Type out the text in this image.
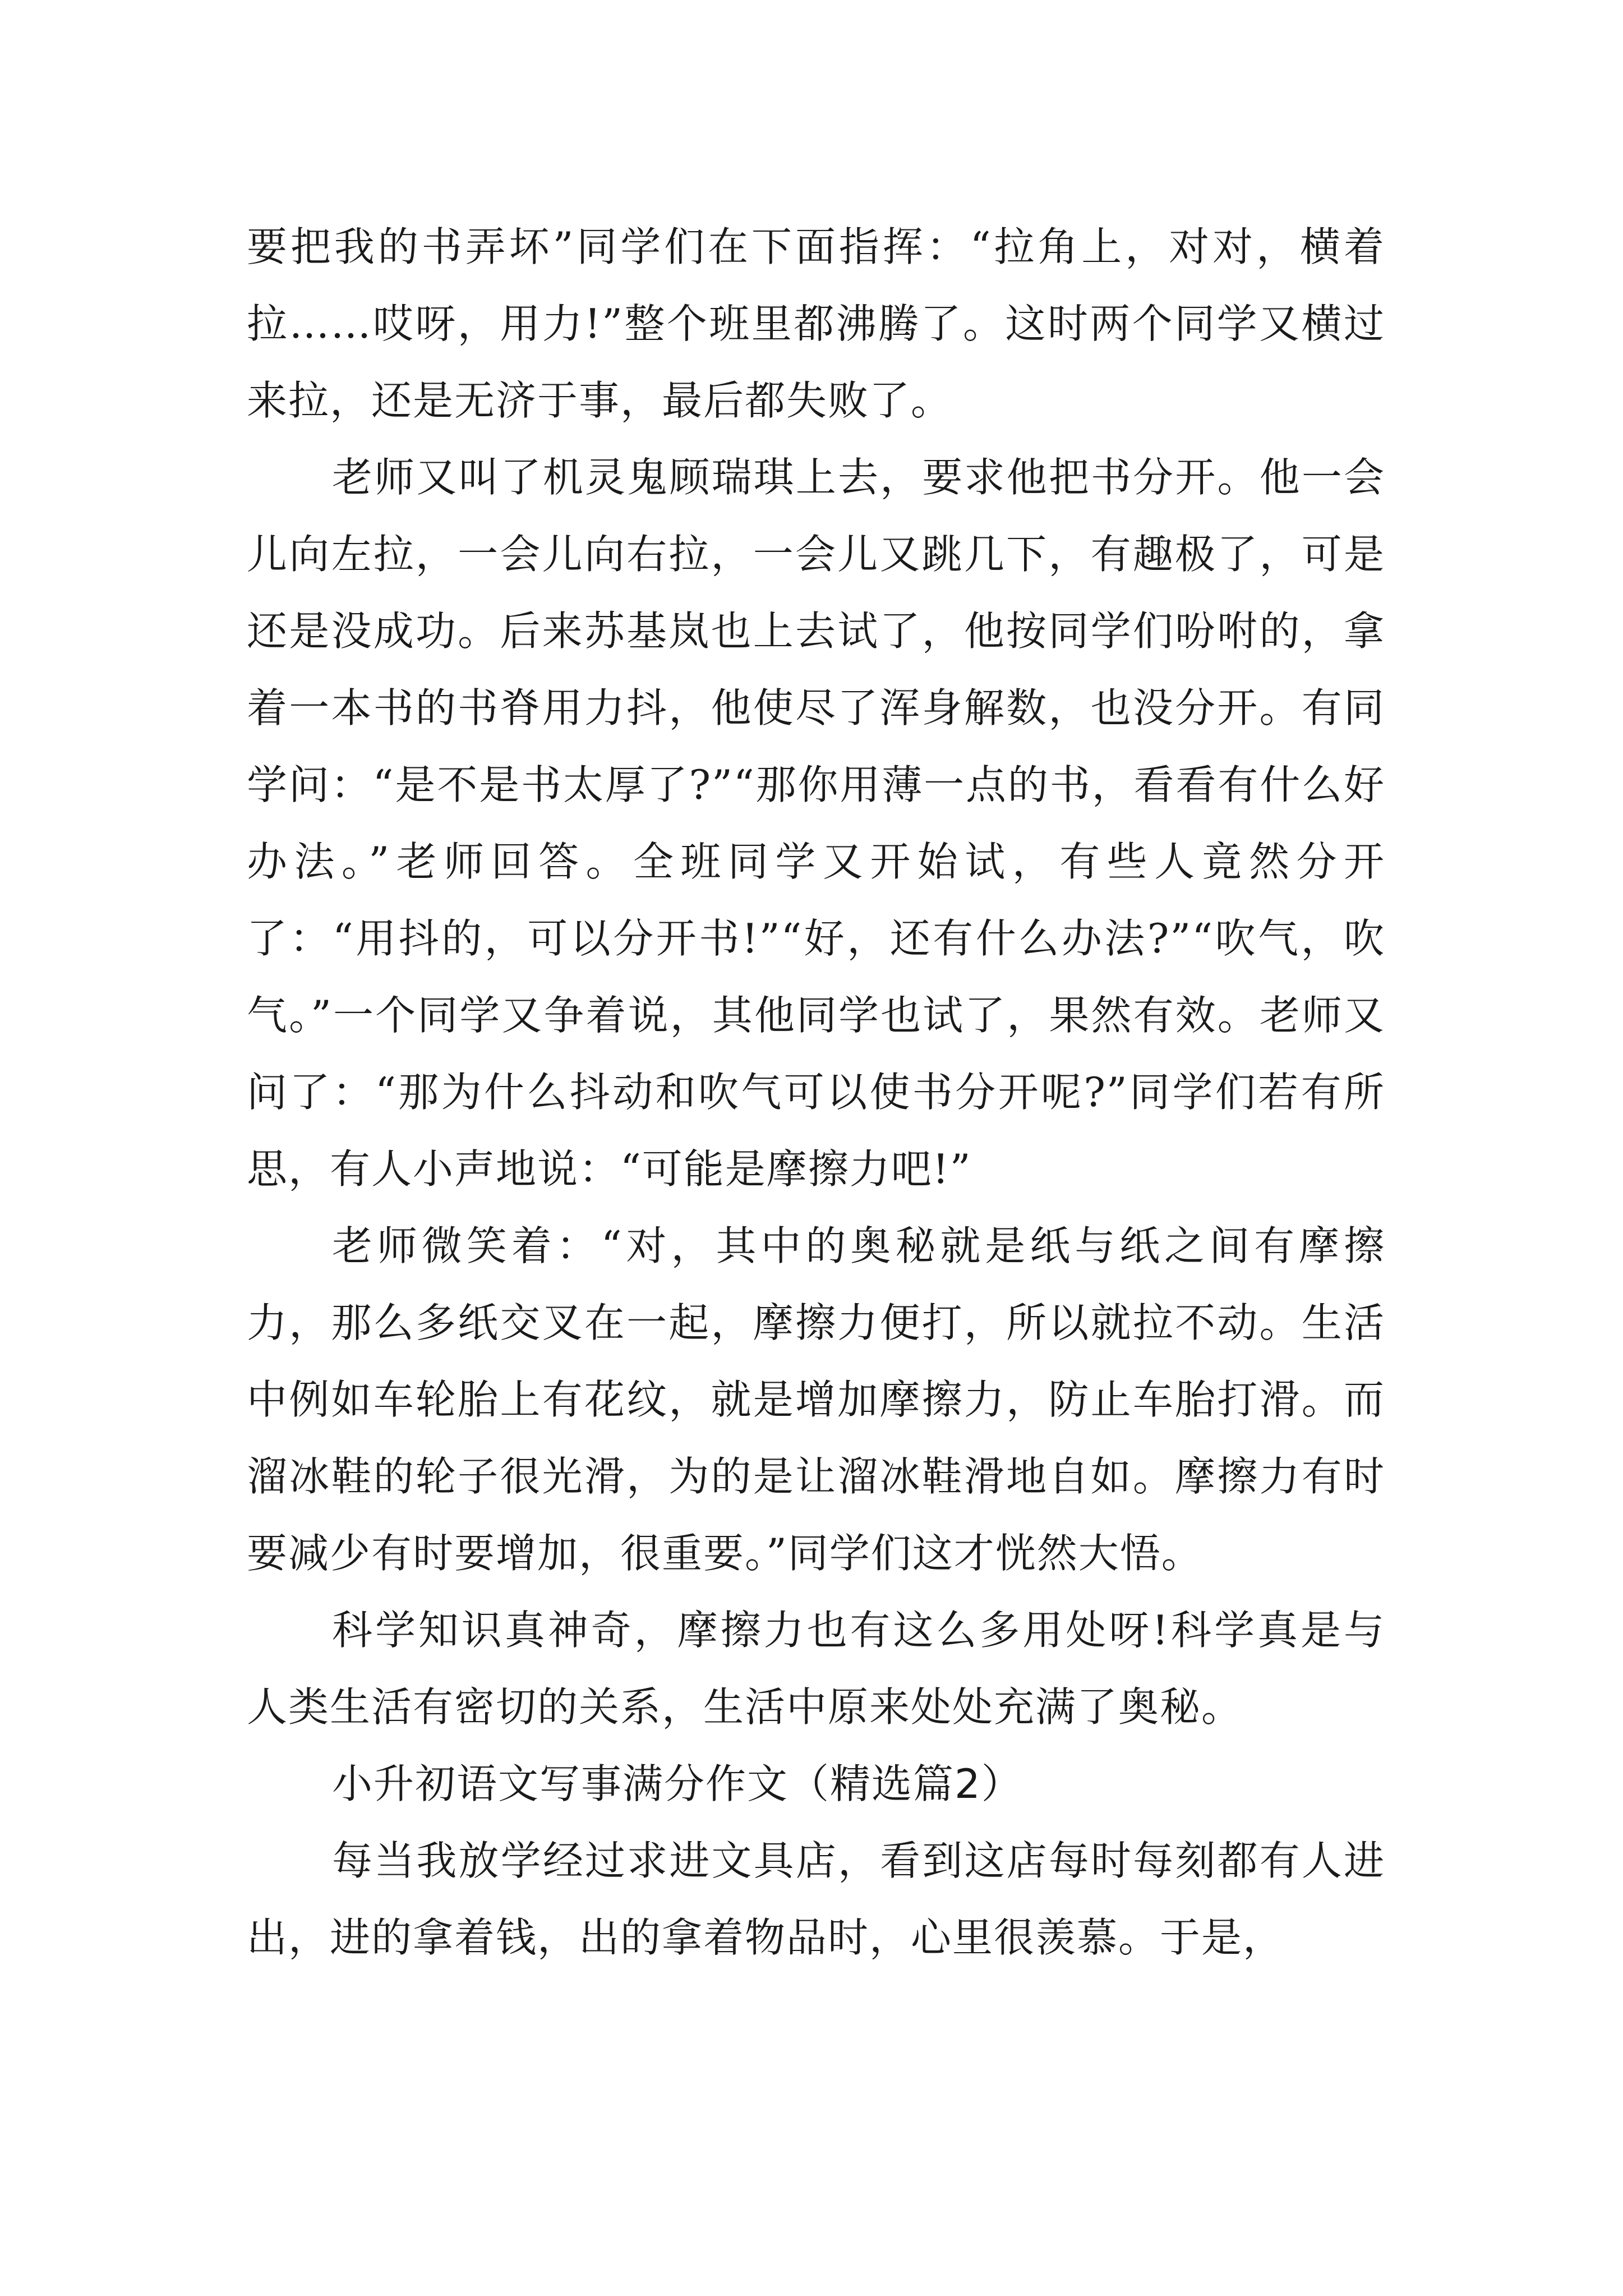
要把我的书弄坏”同学们在下面指挥：“拉角上，对对，横着拉……哎呀，用力!”整个班里都沸腾了。这时两个同学又横过来拉，还是无济于事，最后都失败了。

老师又叫了机灵鬼顾瑞琪上去，要求他把书分开。他一会儿向左拉，一会儿向右拉，一会儿又跳几下，有趣极了，可是还是没成功。后来苏基岚也上去试了，他按同学们吩咐的，拿着一本书的书脊用力抖，他使尽了浑身解数，也没分开。有同学问：“是不是书太厚了?”“那你用薄一点的书，看看有什么好办法。”老师回答。全班同学又开始试，有些人竟然分开了：“用抖的，可以分开书!”“好，还有什么办法?”“吹气，吹气。”一个同学又争着说，其他同学也试了，果然有效。老师又问了：“那为什么抖动和吹气可以使书分开呢?”同学们若有所思，有人小声地说：“可能是摩擦力吧!”

老师微笑着：“对，其中的奥秘就是纸与纸之间有摩擦力，那么多纸交叉在一起，摩擦力便打，所以就拉不动。生活中例如车轮胎上有花纹，就是增加摩擦力，防止车胎打滑。而溜冰鞋的轮子很光滑，为的是让溜冰鞋滑地自如。摩擦力有时要减少有时要增加，很重要。”同学们这才恍然大悟。

科学知识真神奇，摩擦力也有这么多用处呀!科学真是与人类生活有密切的关系，生活中原来处处充满了奥秘。

小升初语文写事满分作文（精选篇2）

每当我放学经过求进文具店，看到这店每时每刻都有人进出，进的拿着钱，出的拿着物品时，心里很羡慕。于是，
